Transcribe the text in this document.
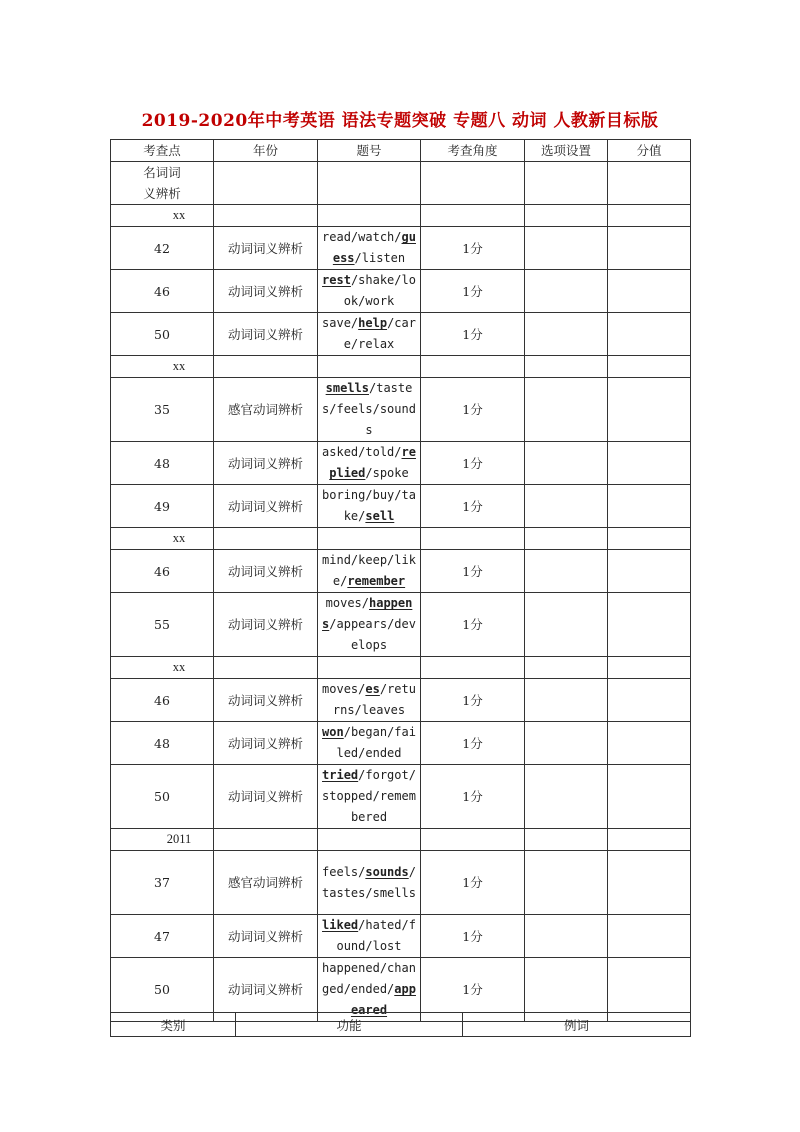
2019-2020年中考英语 语法专题突破 专题八 动词 人教新目标版
考查点	年份	题号	考查角度	选项设置	分值

名词词义辨析					

xx					
42	动词词义辨析	read/watch/guess/listen	1分		
46	动词词义辨析	rest/shake/look/work	1分		
50	动词词义辨析	save/help/care/relax	1分		
xx					
35	感官动词辨析	smells/tastes/feels/sounds	1分		
48	动词词义辨析	asked/told/replied/spoke	1分		
49	动词词义辨析	boring/buy/take/sell	1分		
xx					
46	动词词义辨析	mind/keep/like/remember	1分		
55	动词词义辨析	moves/happens/appears/develops	1分		
xx					
46	动词词义辨析	moves/es/returns/leaves	1分		
48	动词词义辨析	won/began/failed/ended	1分		
50	动词词义辨析	tried/forgot/stopped/remembered	1分		
2011					
37	感官动词辨析	feels/sounds/tastes/smells	1分		
47	动词词义辨析	liked/hated/found/lost	1分		
50	动词词义辨析	happened/changed/ended/appeared	1分		
类别	功能	例词
